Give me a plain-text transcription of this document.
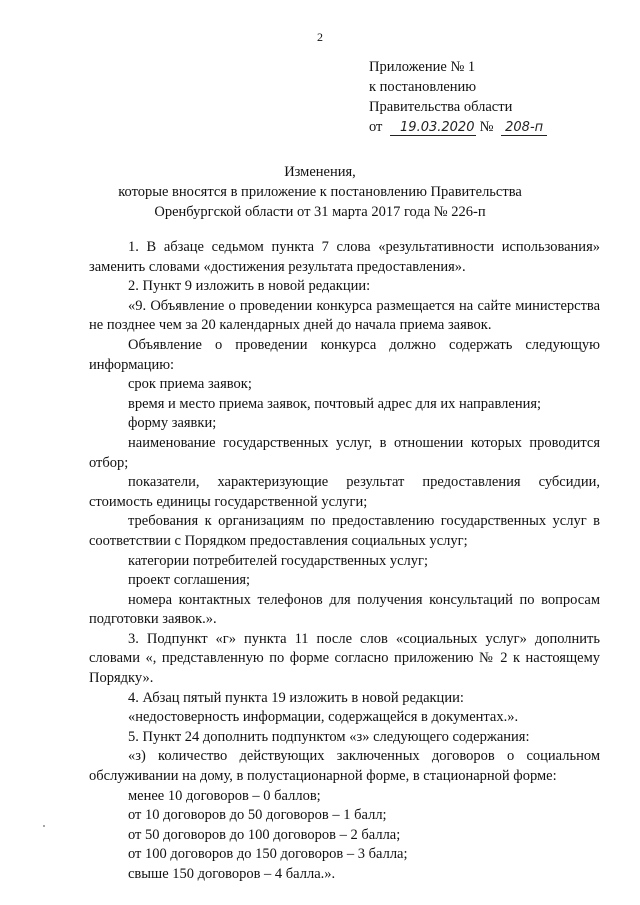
2
Приложение № 1
к постановлению
Правительства области
от 19.03.2020 № 208-п
Изменения,
которые вносятся в приложение к постановлению Правительства
Оренбургской области от 31 марта 2017 года № 226-п
1. В абзаце седьмом пункта 7 слова «результативности использования» заменить словами «достижения результата предоставления».
2. Пункт 9 изложить в новой редакции:
«9. Объявление о проведении конкурса размещается на сайте министерства не позднее чем за 20 календарных дней до начала приема заявок.
Объявление о проведении конкурса должно содержать следующую информацию:
срок приема заявок;
время и место приема заявок, почтовый адрес для их направления;
форму заявки;
наименование государственных услуг, в отношении которых проводится отбор;
показатели, характеризующие результат предоставления субсидии, стоимость единицы государственной услуги;
требования к организациям по предоставлению государственных услуг в соответствии с Порядком предоставления социальных услуг;
категории потребителей государственных услуг;
проект соглашения;
номера контактных телефонов для получения консультаций по вопросам подготовки заявок.».
3. Подпункт «г» пункта 11 после слов «социальных услуг» дополнить словами «, представленную по форме согласно приложению № 2 к настоящему Порядку».
4. Абзац пятый пункта 19 изложить в новой редакции:
«недостоверность информации, содержащейся в документах.».
5. Пункт 24 дополнить подпунктом «з» следующего содержания:
«з) количество действующих заключенных договоров о социальном обслуживании на дому, в полустационарной форме, в стационарной форме:
менее 10 договоров – 0 баллов;
от 10 договоров до 50 договоров – 1 балл;
от 50 договоров до 100 договоров – 2 балла;
от 100 договоров до 150 договоров – 3 балла;
свыше 150 договоров – 4 балла.».
